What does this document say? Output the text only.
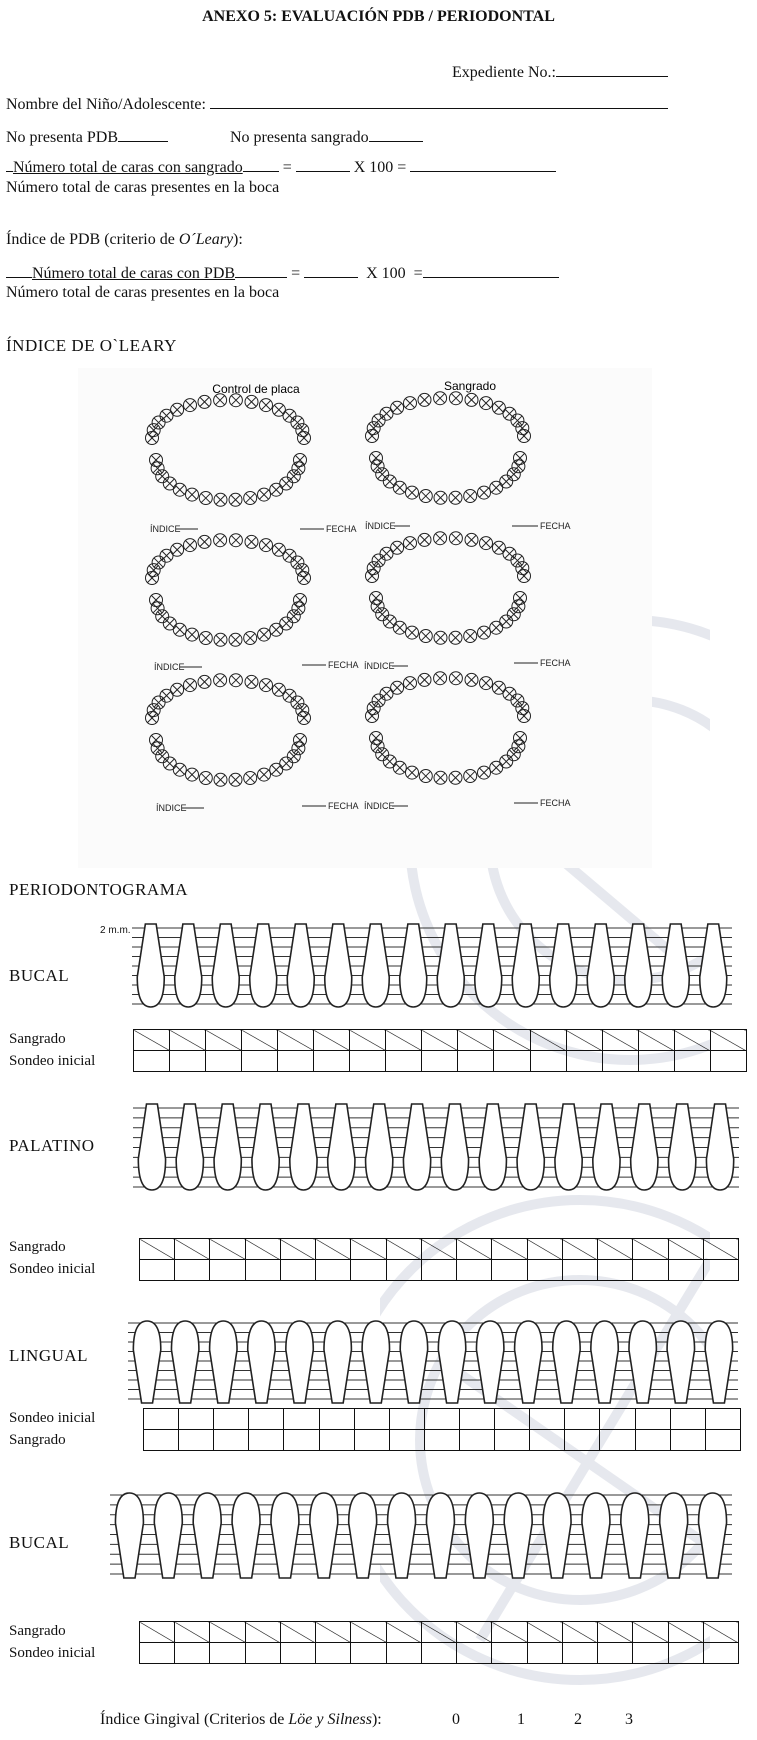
ANEXO 5: EVALUACIÓN PDB / PERIODONTAL
Expediente No.:
Nombre del Niño/Adolescente:
No presenta PDB	No presenta sangrado
Número total de caras con sangrado	=	X 100 =
Número total de caras presentes en la boca
Índice de PDB (criterio de O´Leary):
Número total de caras con PDB	=	X 100 =
Número total de caras presentes en la boca
ÍNDICE DE O`LEARY
Control de placa	Sangrado
ÍNDICE	FECHA ÍNDICE	FECHA
ÍNDICE	FECHA ÍNDICE	FECHA
ÍNDICE	FECHA ÍNDICE	FECHA
PERIODONTOGRAMA
2 m.m.
BUCAL
Sangrado
Sondeo inicial

PALATINO
Sangrado
Sondeo inicial

LINGUAL
Sondeo inicial
Sangrado

BUCAL
Sangrado
Sondeo inicial

Índice Gingival (Criterios de Löe y Silness):	0	1	2	3
